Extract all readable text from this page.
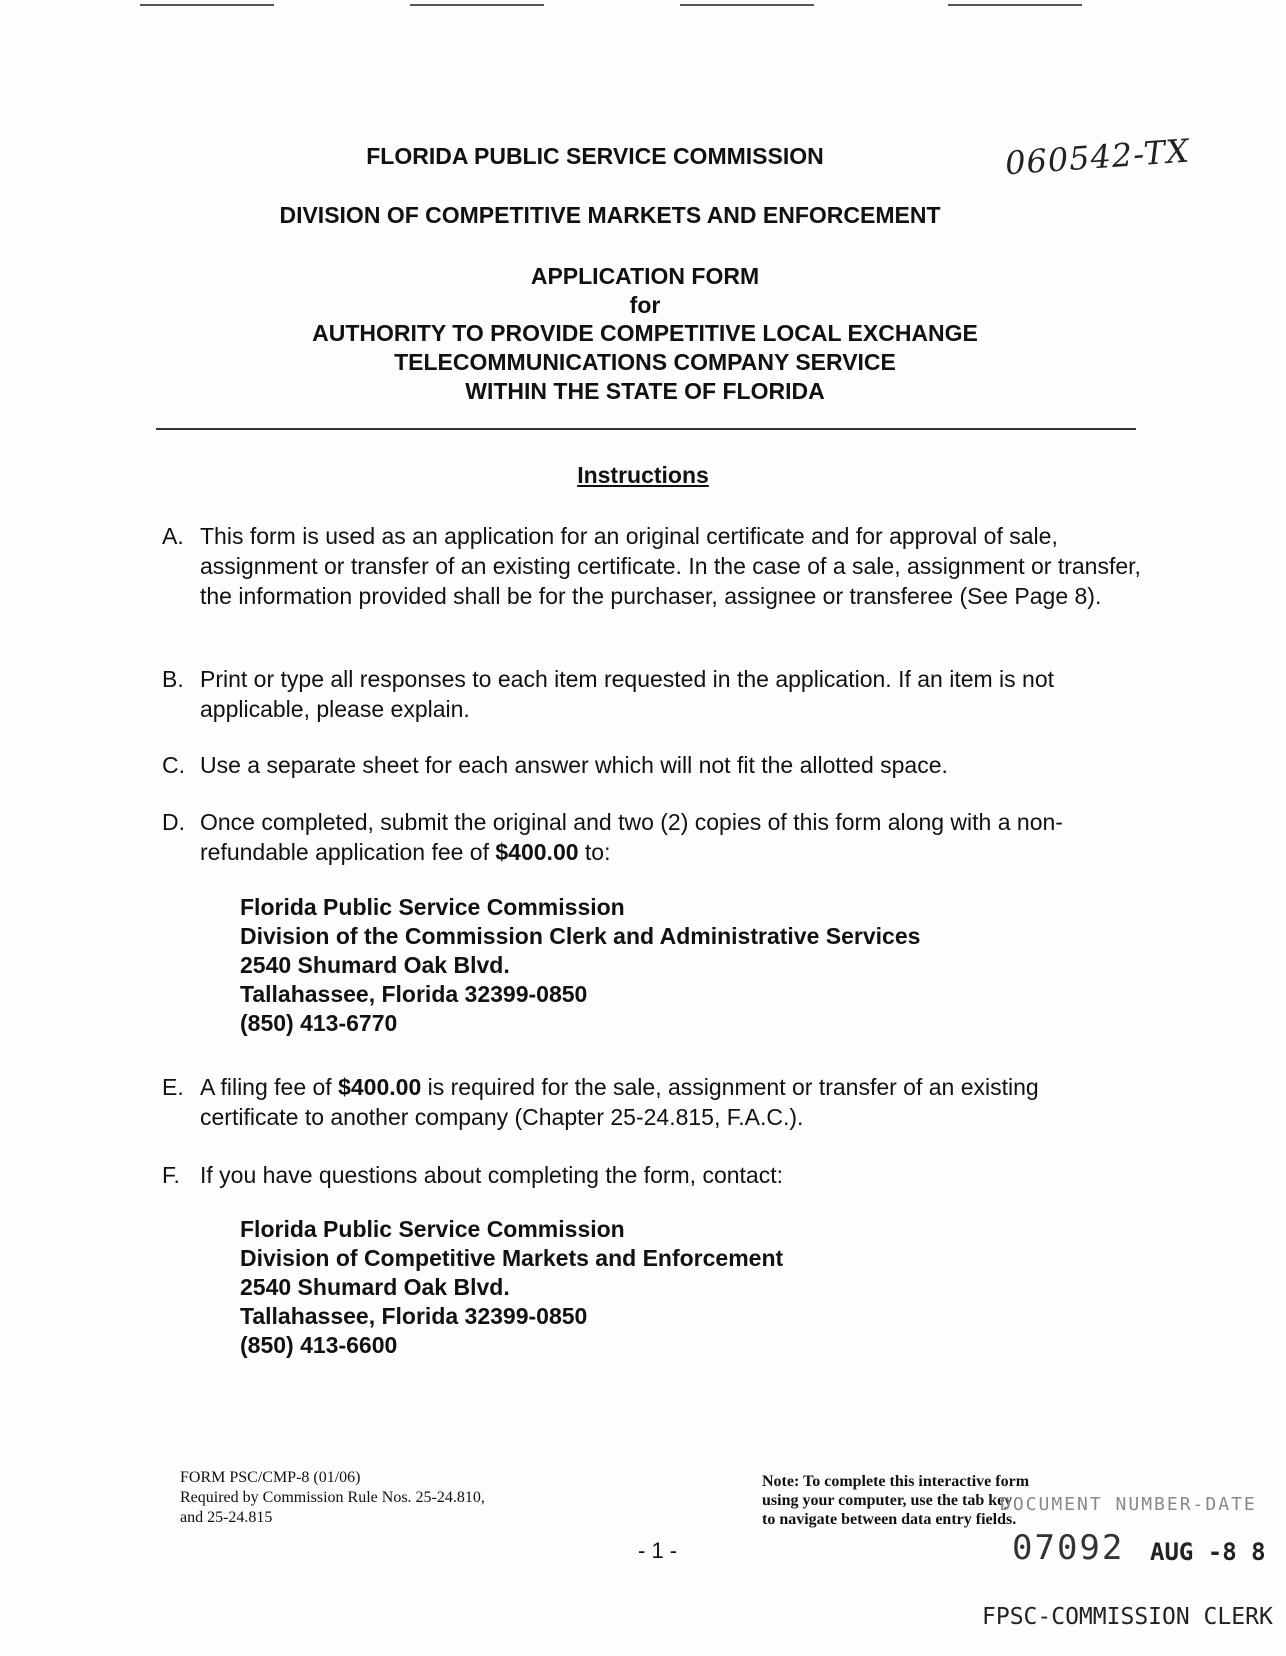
FLORIDA PUBLIC SERVICE COMMISSION	060542-TX
DIVISION OF COMPETITIVE MARKETS AND ENFORCEMENT
APPLICATION FORM
for
AUTHORITY TO PROVIDE COMPETITIVE LOCAL EXCHANGE
TELECOMMUNICATIONS COMPANY SERVICE
WITHIN THE STATE OF FLORIDA
Instructions
A. This form is used as an application for an original certificate and for approval of sale, assignment or transfer of an existing certificate. In the case of a sale, assignment or transfer, the information provided shall be for the purchaser, assignee or transferee (See Page 8).
B. Print or type all responses to each item requested in the application. If an item is not applicable, please explain.
C. Use a separate sheet for each answer which will not fit the allotted space.
D. Once completed, submit the original and two (2) copies of this form along with a non-refundable application fee of $400.00 to:
Florida Public Service Commission
Division of the Commission Clerk and Administrative Services
2540 Shumard Oak Blvd.
Tallahassee, Florida 32399-0850
(850) 413-6770
E. A filing fee of $400.00 is required for the sale, assignment or transfer of an existing certificate to another company (Chapter 25-24.815, F.A.C.).
F. If you have questions about completing the form, contact:
Florida Public Service Commission
Division of Competitive Markets and Enforcement
2540 Shumard Oak Blvd.
Tallahassee, Florida 32399-0850
(850) 413-6600
FORM PSC/CMP-8 (01/06)
Required by Commission Rule Nos. 25-24.810,
and 25-24.815
Note: To complete this interactive form
using your computer, use the tab key
to navigate between data entry fields.
- 1 -
DOCUMENT NUMBER-DATE
07092 AUG -8 8
FPSC-COMMISSION CLERK
